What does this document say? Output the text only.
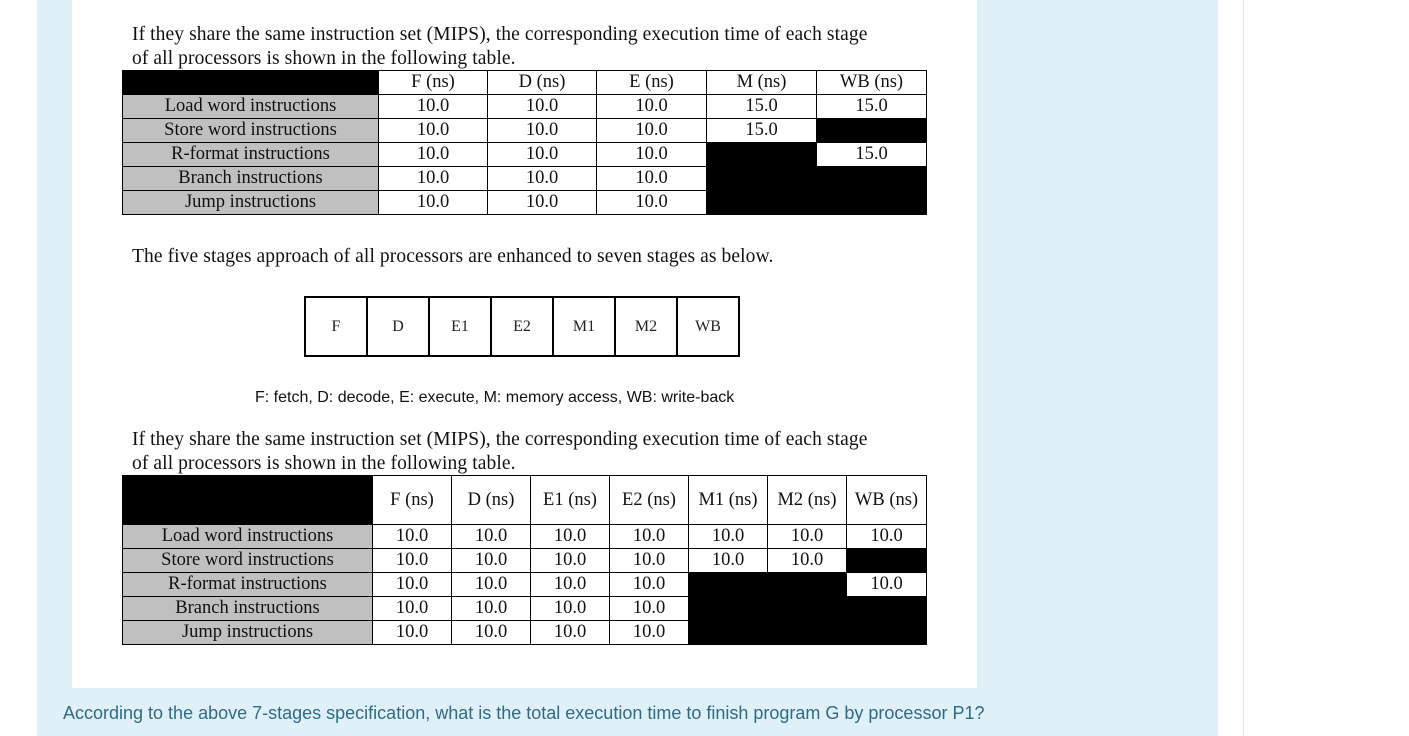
If they share the same instruction set (MIPS), the corresponding execution time of each stage
of all processors is shown in the following table.

	F (ns)	D (ns)	E (ns)	M (ns)	WB (ns)
Load word instructions	10.0	10.0	10.0	15.0	15.0
Store word instructions	10.0	10.0	10.0	15.0	
R-format instructions	10.0	10.0	10.0		15.0
Branch instructions	10.0	10.0	10.0		
Jump instructions	10.0	10.0	10.0		

The five stages approach of all processors are enhanced to seven stages as below.

F: fetch, D: decode, E: execute, M: memory access, WB: write-back

If they share the same instruction set (MIPS), the corresponding execution time of each stage
of all processors is shown in the following table.

	F (ns)	D (ns)	E1 (ns)	E2 (ns)	M1 (ns)	M2 (ns)	WB (ns)
Load word instructions	10.0	10.0	10.0	10.0	10.0	10.0	10.0
Store word instructions	10.0	10.0	10.0	10.0	10.0	10.0	
R-format instructions	10.0	10.0	10.0	10.0			10.0
Branch instructions	10.0	10.0	10.0	10.0			
Jump instructions	10.0	10.0	10.0	10.0			
F	D	E1	E2	M1	M2	WB

According to the above 7-stages specification, what is the total execution time to finish program G by processor P1?
